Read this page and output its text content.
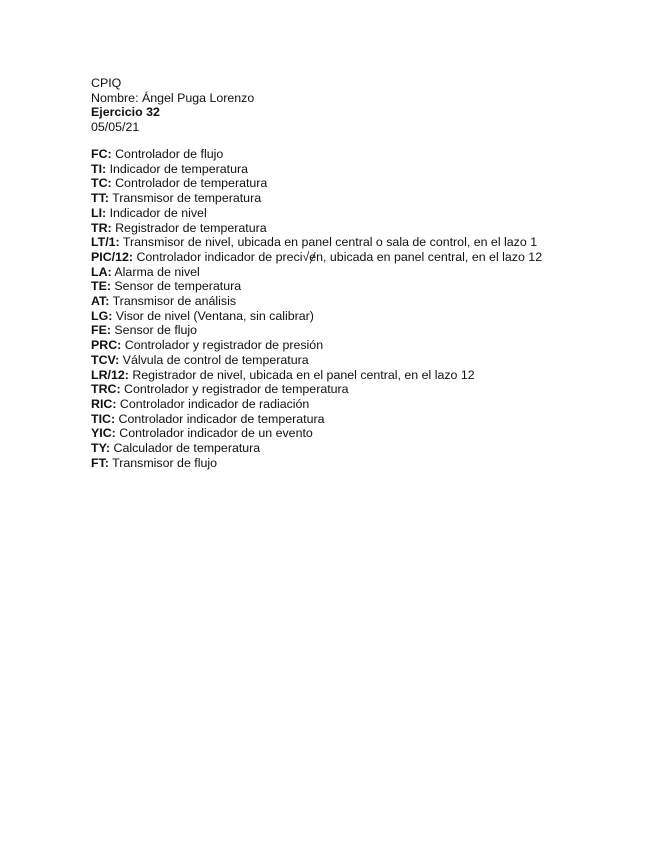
CPIQ
Nombre: Ángel Puga Lorenzo
Ejercicio 32
05/05/21
FC: Controlador de flujo
TI: Indicador de temperatura
TC: Controlador de temperatura
TT: Transmisor de temperatura
LI: Indicador de nivel
TR: Registrador de temperatura
LT/1: Transmisor de nivel, ubicada en panel central o sala de control, en el lazo 1
PIC/12: Controlador indicador de preci√ɇn, ubicada en panel central, en el lazo 12
LA: Alarma de nivel
TE: Sensor de temperatura
AT: Transmisor de análisis
LG: Visor de nivel (Ventana, sin calibrar)
FE: Sensor de flujo
PRC: Controlador y registrador de presión
TCV: Válvula de control de temperatura
LR/12: Registrador de nivel, ubicada en el panel central, en el lazo 12
TRC: Controlador y registrador de temperatura
RIC: Controlador indicador de radiación
TIC: Controlador indicador de temperatura
YIC: Controlador indicador de un evento
TY: Calculador de temperatura
FT: Transmisor de flujo
